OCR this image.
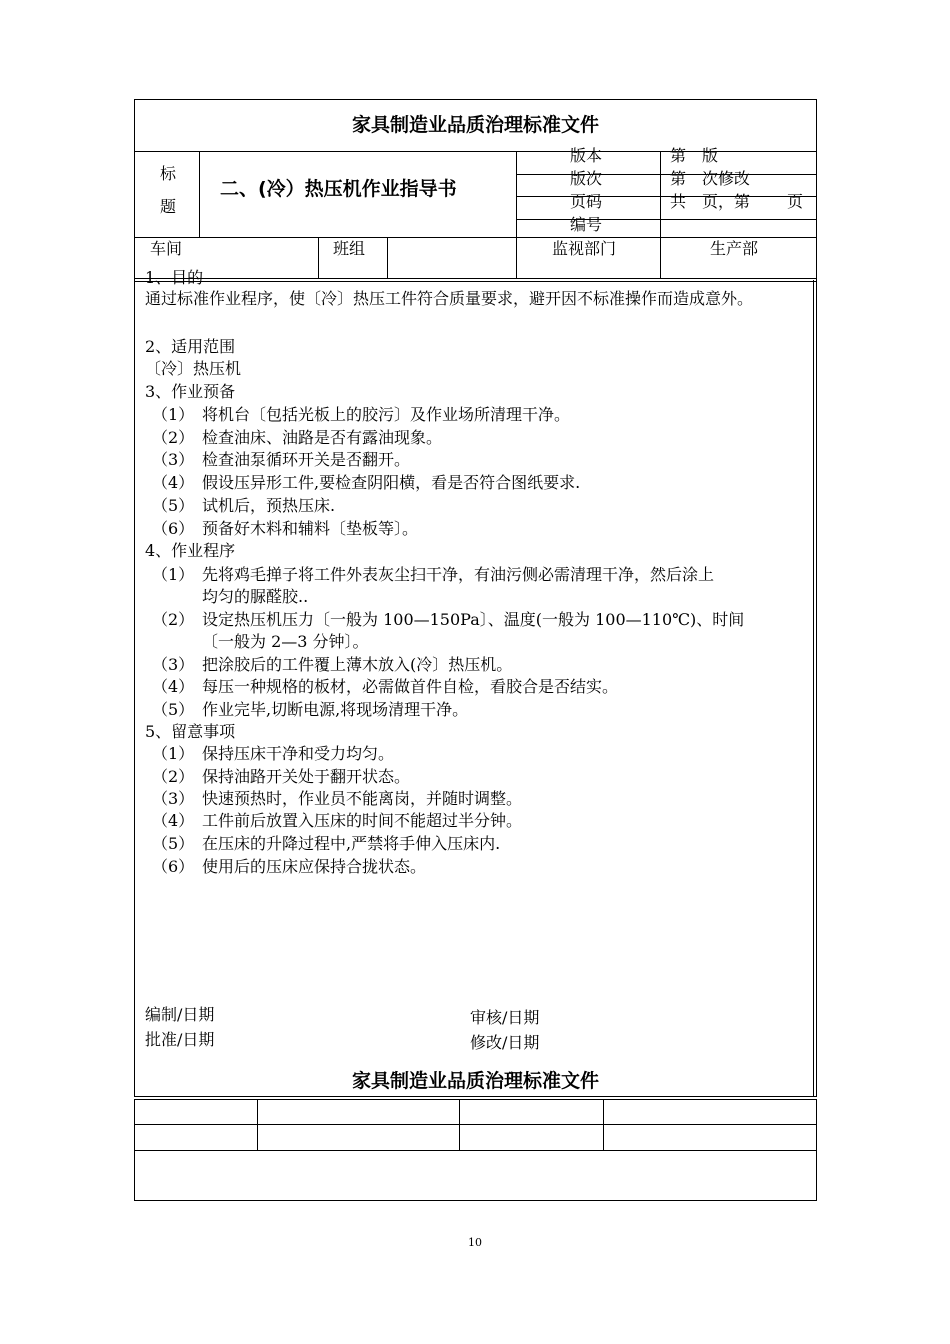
家具制造业品质治理标准文件
标
题
二、(冷）热压机作业指导书
版本	第　版
版次	第　次修改
页码	共　页，第 页
编号
车间	班组	监视部门	生产部
1、目的
通过标准作业程序，使〔冷〕热压工件符合质量要求，避开因不标准操作而造成意外。
2、适用范围
〔冷〕热压机
3、作业预备
（1） 将机台〔包括光板上的胶污〕及作业场所清理干净。
（2） 检查油床、油路是否有露油现象。
（3） 检查油泵循环开关是否翻开。
（4） 假设压异形工件,要检查阴阳横，看是否符合图纸要求.
（5） 试机后，预热压床.
（6） 预备好木料和辅料〔垫板等〕。
4、作业程序
（1） 先将鸡毛掸子将工件外表灰尘扫干净，有油污侧必需清理干净，然后涂上
均匀的脲醛胶..
（2） 设定热压机压力〔一般为 100—150Pa〕、温度(一般为 100—110℃)、时间
〔一般为 2—3 分钟〕。
（3） 把涂胶后的工件覆上薄木放入(冷〕热压机。
（4） 每压一种规格的板材，必需做首件自检，看胶合是否结实。
（5） 作业完毕,切断电源,将现场清理干净。
5、留意事项
（1） 保持压床干净和受力均匀。
（2） 保持油路开关处于翻开状态。
（3） 快速预热时，作业员不能离岗，并随时调整。
（4） 工件前后放置入压床的时间不能超过半分钟。
（5） 在压床的升降过程中,严禁将手伸入压床内.
（6） 使用后的压床应保持合拢状态。
编制/日期
批准/日期
审核/日期
修改/日期
家具制造业品质治理标准文件
10
